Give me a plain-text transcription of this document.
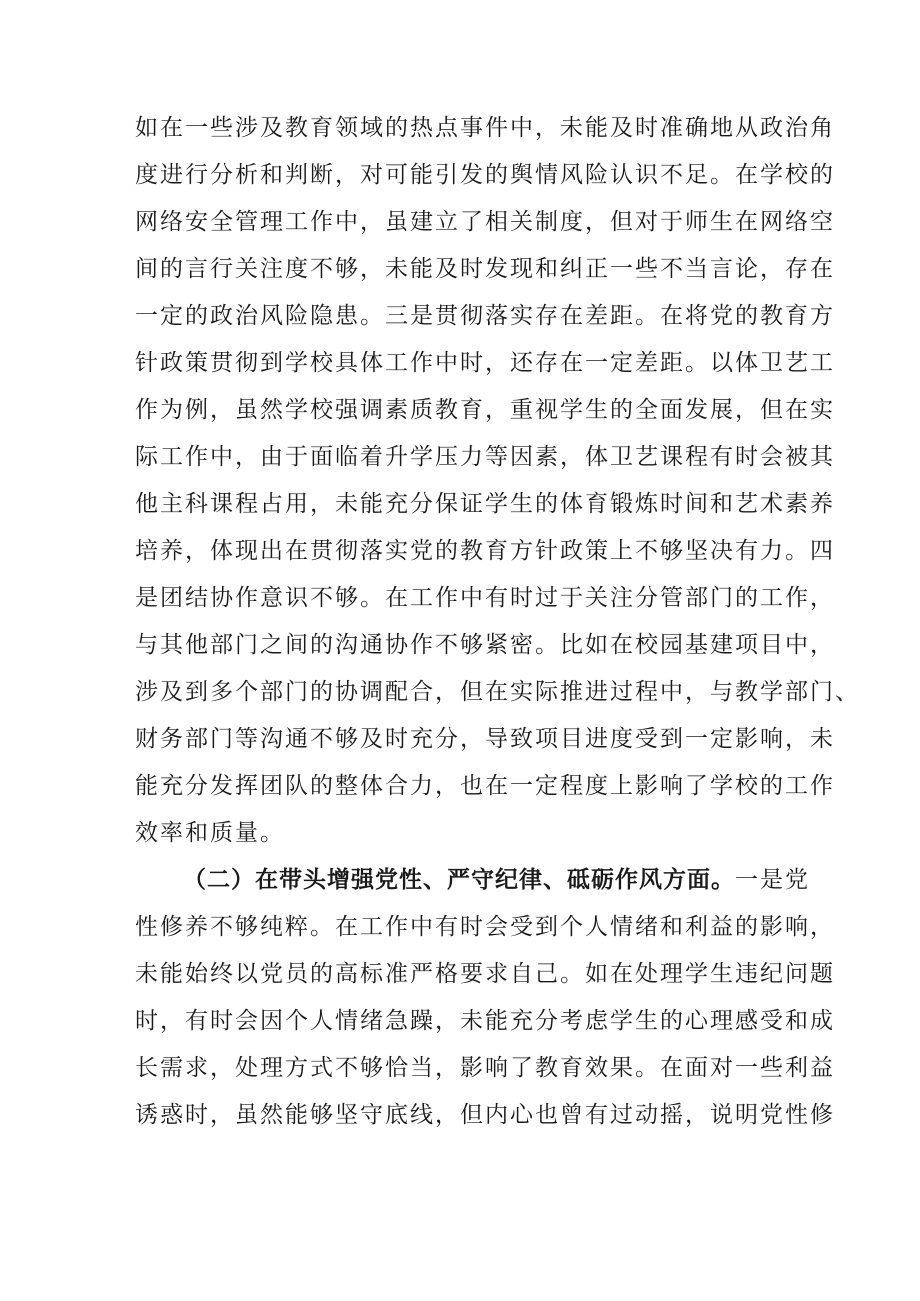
如在一些涉及教育领域的热点事件中，未能及时准确地从政治角
度进行分析和判断，对可能引发的舆情风险认识不足。在学校的
网络安全管理工作中，虽建立了相关制度，但对于师生在网络空
间的言行关注度不够，未能及时发现和纠正一些不当言论，存在
一定的政治风险隐患。三是贯彻落实存在差距。在将党的教育方
针政策贯彻到学校具体工作中时，还存在一定差距。以体卫艺工
作为例，虽然学校强调素质教育，重视学生的全面发展，但在实
际工作中，由于面临着升学压力等因素，体卫艺课程有时会被其
他主科课程占用，未能充分保证学生的体育锻炼时间和艺术素养
培养，体现出在贯彻落实党的教育方针政策上不够坚决有力。四
是团结协作意识不够。在工作中有时过于关注分管部门的工作，
与其他部门之间的沟通协作不够紧密。比如在校园基建项目中，
涉及到多个部门的协调配合，但在实际推进过程中，与教学部门、
财务部门等沟通不够及时充分，导致项目进度受到一定影响，未
能充分发挥团队的整体合力，也在一定程度上影响了学校的工作
效率和质量。
（二）在带头增强党性、严守纪律、砥砺作风方面。一是党
性修养不够纯粹。在工作中有时会受到个人情绪和利益的影响，
未能始终以党员的高标准严格要求自己。如在处理学生违纪问题
时，有时会因个人情绪急躁，未能充分考虑学生的心理感受和成
长需求，处理方式不够恰当，影响了教育效果。在面对一些利益
诱惑时，虽然能够坚守底线，但内心也曾有过动摇，说明党性修
